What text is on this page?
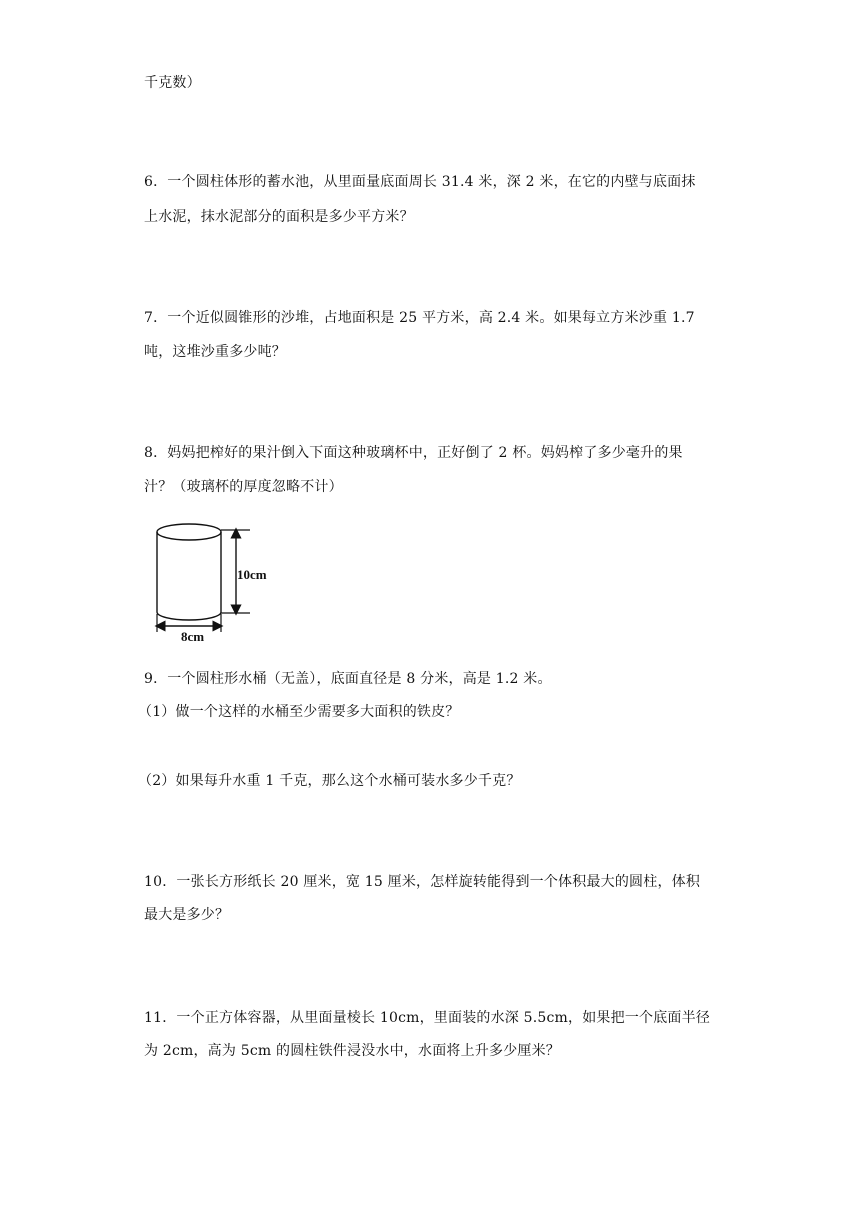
千克数）
6．一个圆柱体形的蓄水池，从里面量底面周长 31.4 米，深 2 米，在它的内壁与底面抹
上水泥，抹水泥部分的面积是多少平方米？
7．一个近似圆锥形的沙堆，占地面积是 25 平方米，高 2.4 米。如果每立方米沙重 1.7
吨，这堆沙重多少吨？
8．妈妈把榨好的果汁倒入下面这种玻璃杯中，正好倒了 2 杯。妈妈榨了多少毫升的果
汁？（玻璃杯的厚度忽略不计）
10cm
8cm
9．一个圆柱形水桶（无盖），底面直径是 8 分米，高是 1.2 米。
（1）做一个这样的水桶至少需要多大面积的铁皮？
（2）如果每升水重 1 千克，那么这个水桶可装水多少千克？
10．一张长方形纸长 20 厘米，宽 15 厘米，怎样旋转能得到一个体积最大的圆柱，体积
最大是多少？
11．一个正方体容器，从里面量棱长 10cm，里面装的水深 5.5cm，如果把一个底面半径
为 2cm，高为 5cm 的圆柱铁件浸没水中，水面将上升多少厘米？
